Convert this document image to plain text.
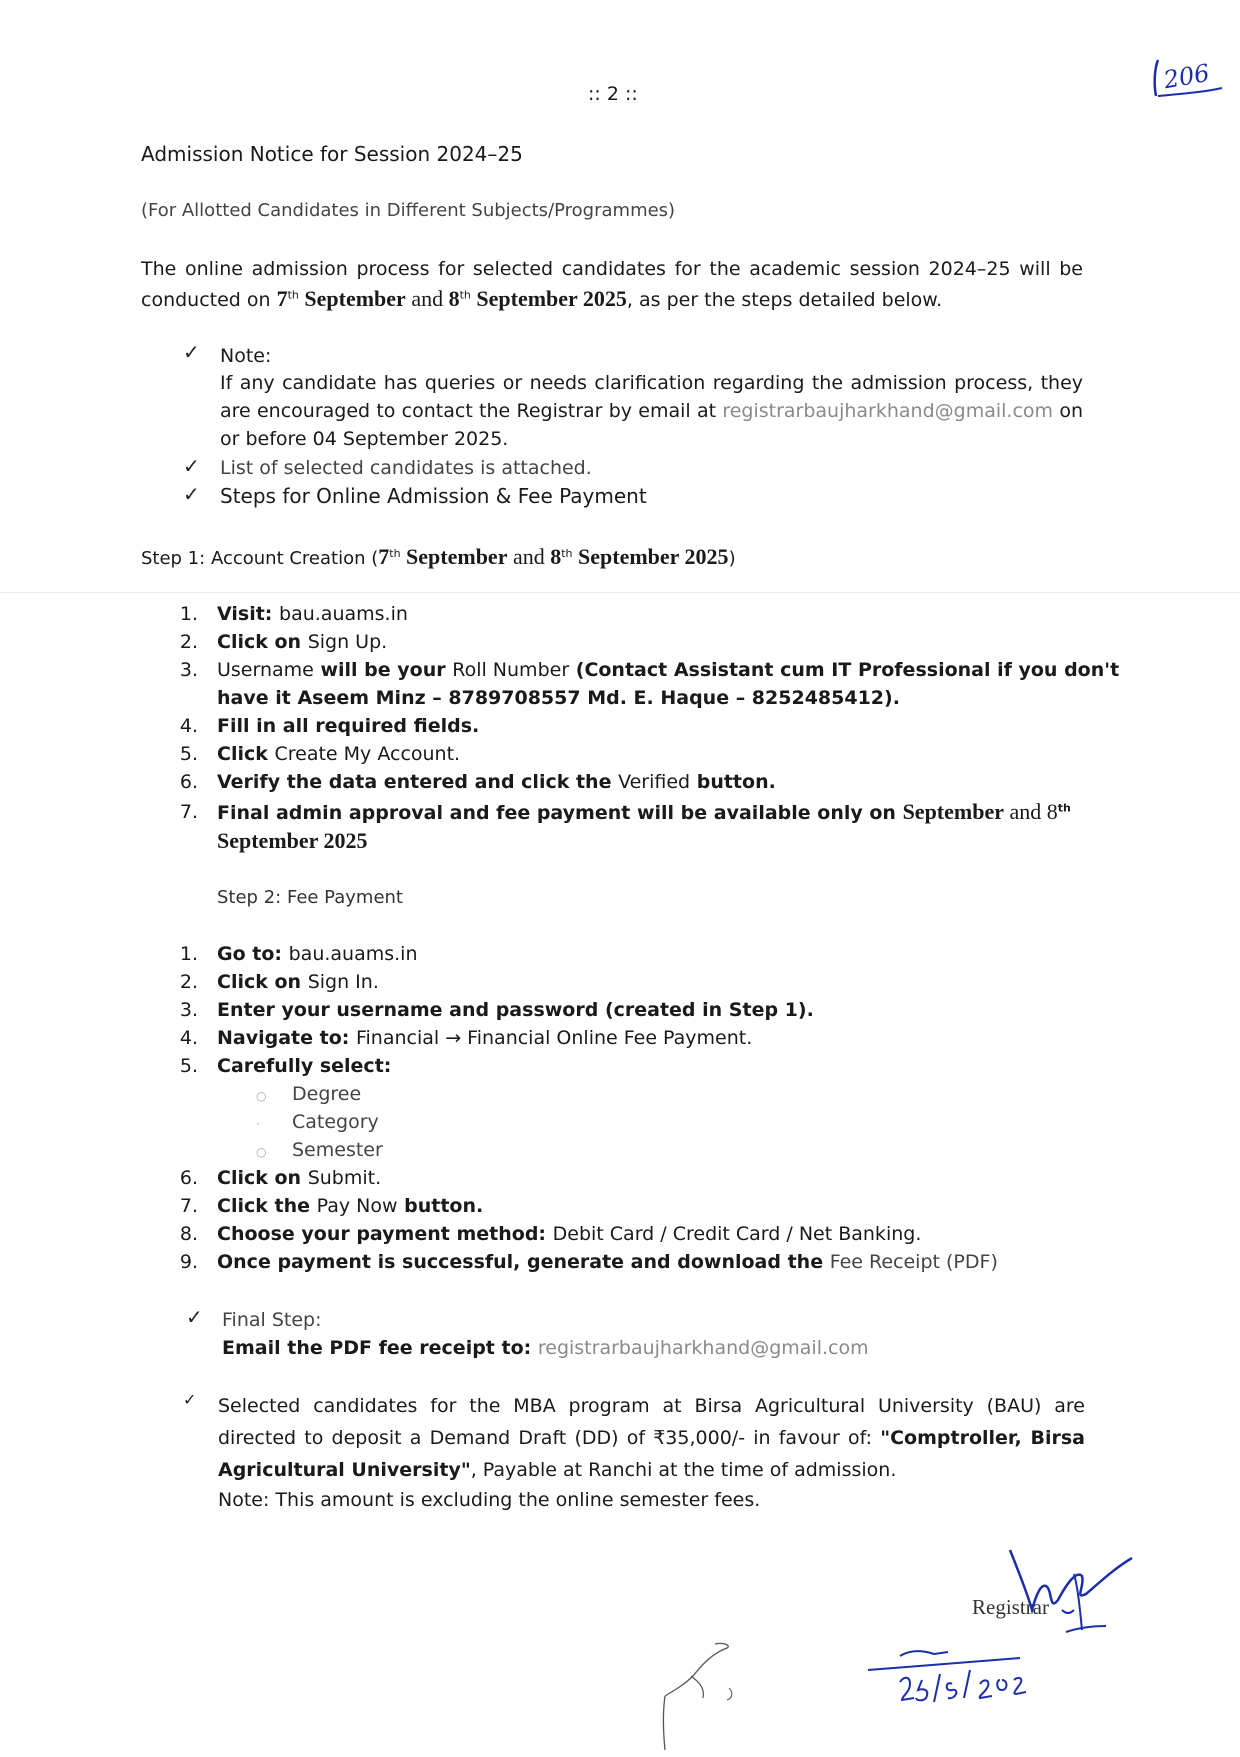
:: 2 ::	206
Admission Notice for Session 2024–25
(For Allotted Candidates in Different Subjects/Programmes)
The online admission process for selected candidates for the academic session 2024–25 will be conducted on 7th September and 8th September 2025, as per the steps detailed below.
✓ Note:
If any candidate has queries or needs clarification regarding the admission process, they are encouraged to contact the Registrar by email at registrarbaujharkhand@gmail.com on or before 04 September 2025.
✓ List of selected candidates is attached.
✓ Steps for Online Admission & Fee Payment
Step 1: Account Creation (7th September and 8th September 2025)
1. Visit: bau.auams.in
2. Click on Sign Up.
3. Username will be your Roll Number (Contact Assistant cum IT Professional if you don't
have it Aseem Minz – 8789708557 Md. E. Haque – 8252485412).
4. Fill in all required fields.
5. Click Create My Account.
6. Verify the data entered and click the Verified button.
7. Final admin approval and fee payment will be available only on September and 8th
September 2025
Step 2: Fee Payment
1. Go to: bau.auams.in
2. Click on Sign In.
3. Enter your username and password (created in Step 1).
4. Navigate to: Financial → Financial Online Fee Payment.
5. Carefully select:
○ Degree
· Category
○ Semester
6. Click on Submit.
7. Click the Pay Now button.
8. Choose your payment method: Debit Card / Credit Card / Net Banking.
9. Once payment is successful, generate and download the Fee Receipt (PDF)
✓ Final Step:
Email the PDF fee receipt to: registrarbaujharkhand@gmail.com
✓ Selected candidates for the MBA program at Birsa Agricultural University (BAU) are directed to deposit a Demand Draft (DD) of ₹35,000/- in favour of: "Comptroller, Birsa Agricultural University", Payable at Ranchi at the time of admission.
Note: This amount is excluding the online semester fees.
Registrar
